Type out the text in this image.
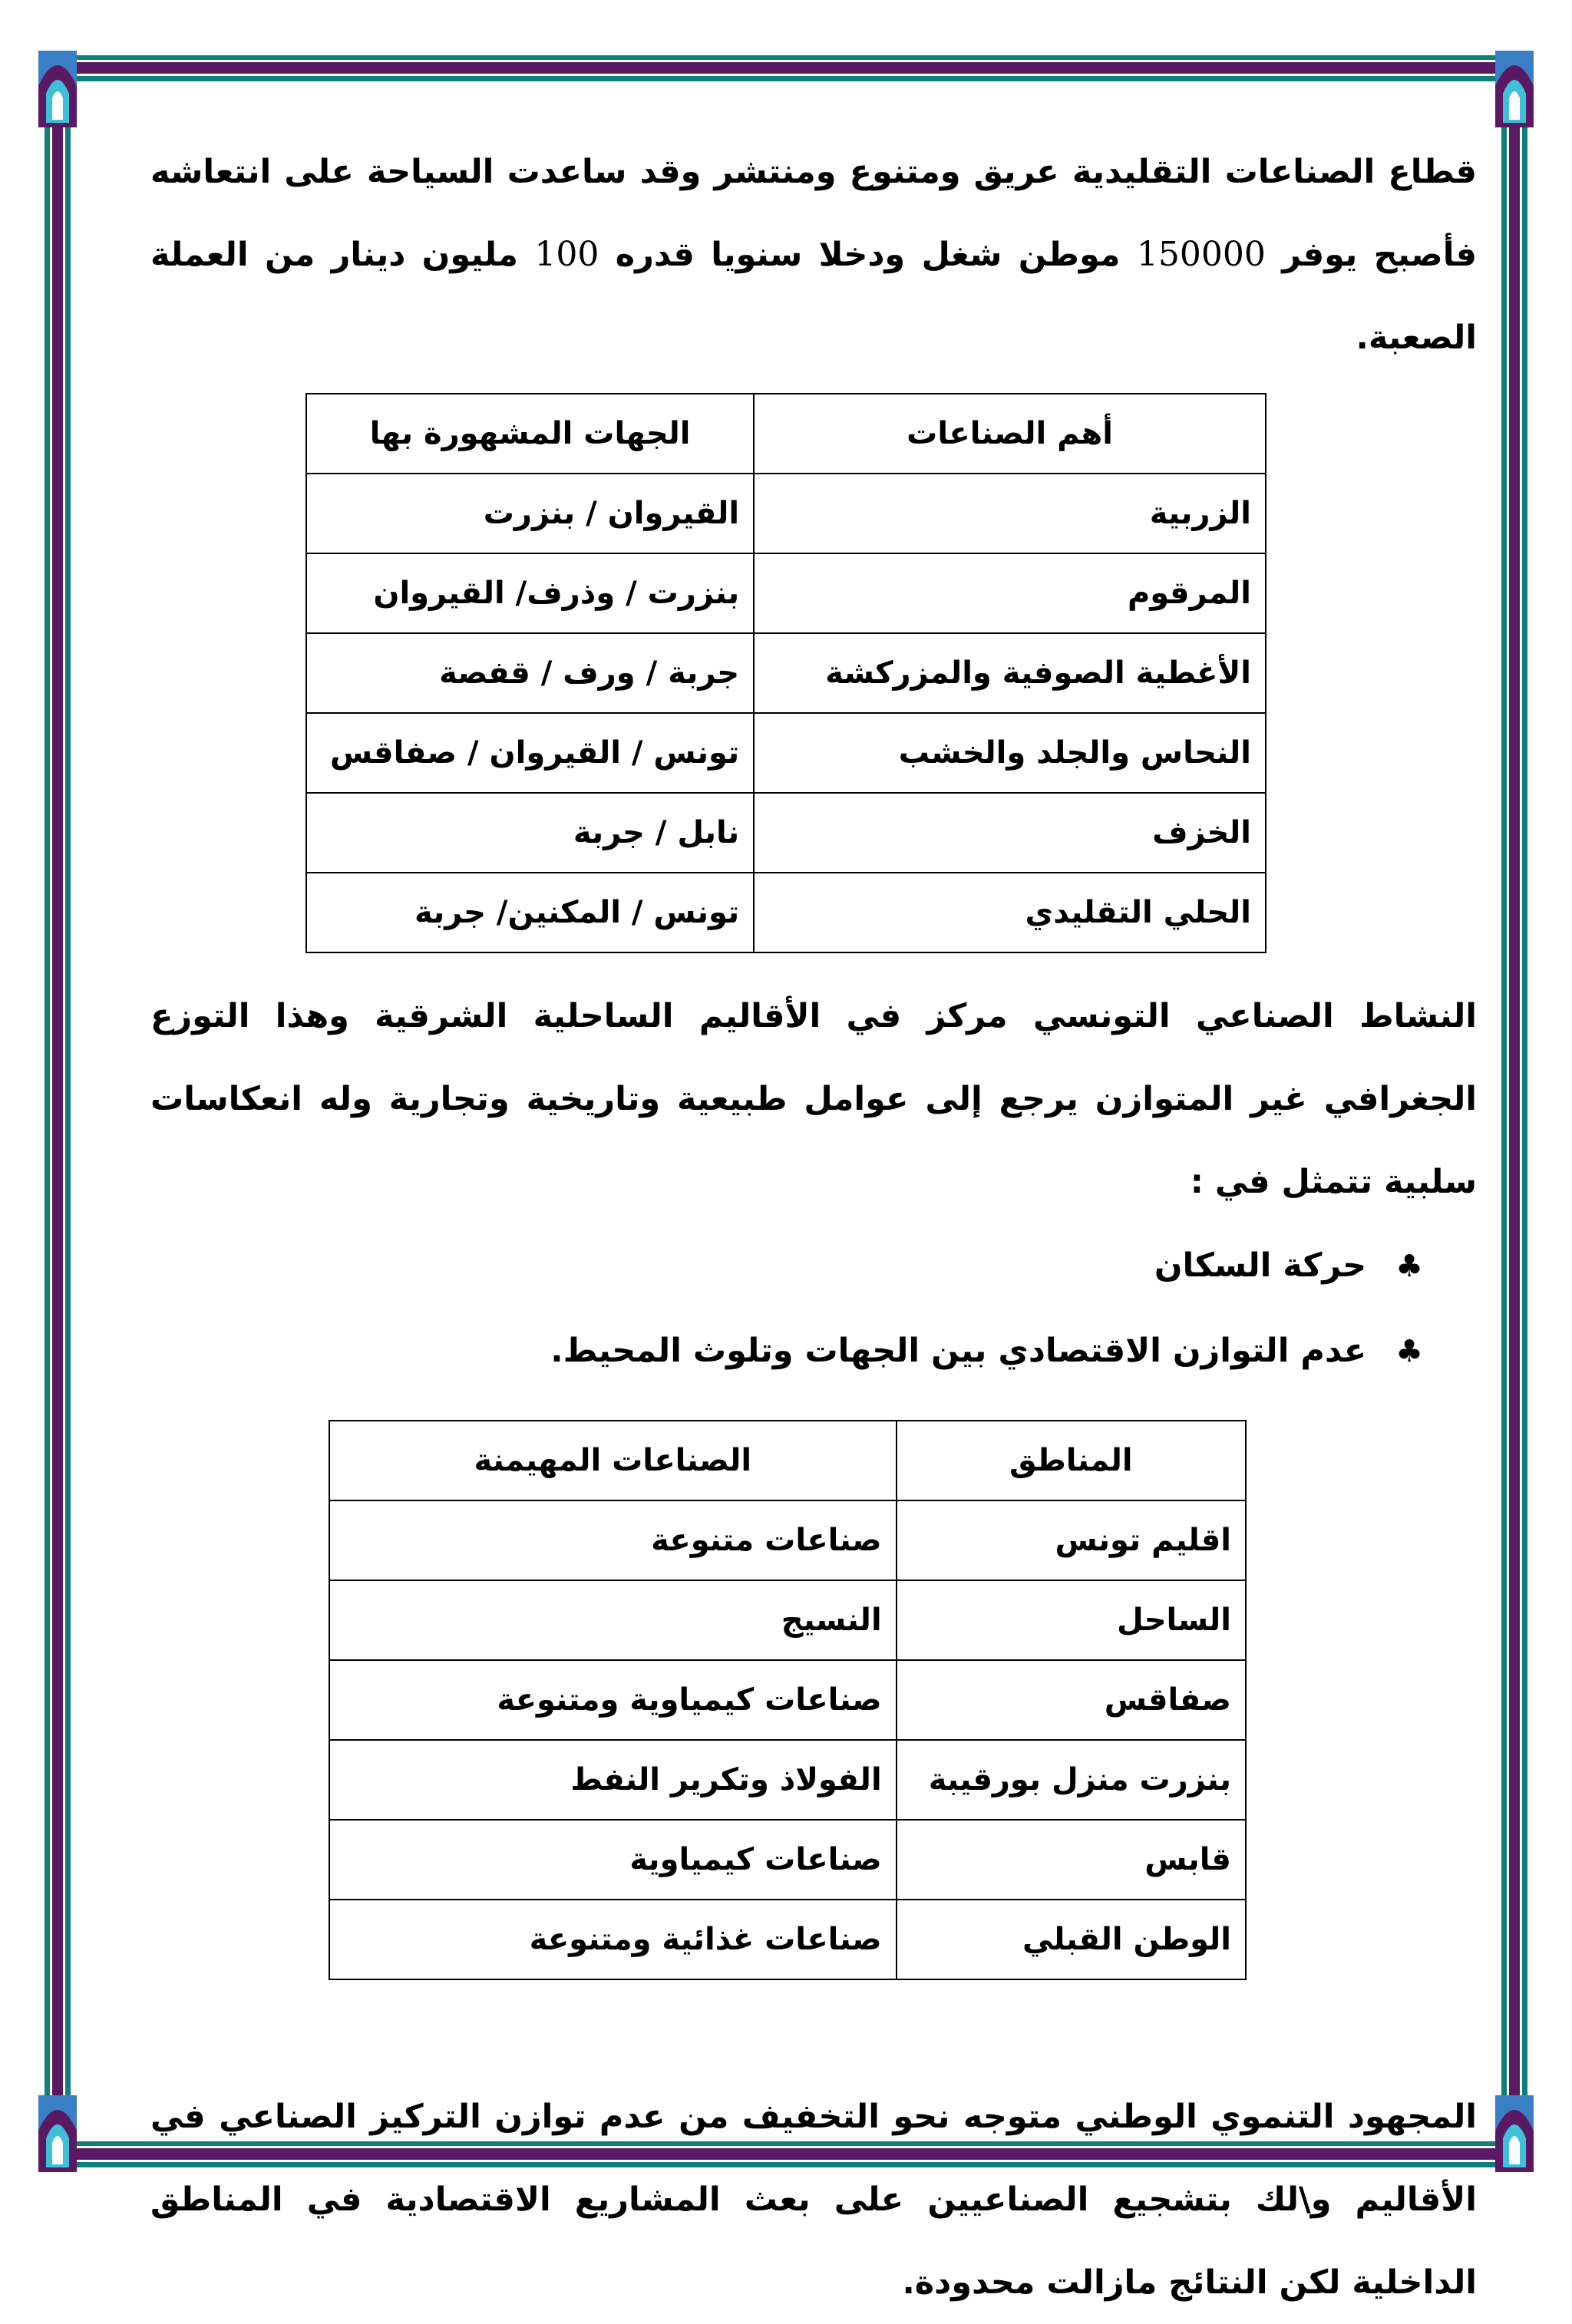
قطاع الصناعات التقليدية عريق ومتنوع ومنتشر وقد ساعدت السياحة على انتعاشه فأصبح يوفر 150000 موطن شغل ودخلا سنويا قدره 100 مليون دينار من العملة الصعبة.

أهم الصناعات	الجهات المشهورة بها
الزربية	القيروان / بنزرت
المرقوم	بنزرت / وذرف/ القيروان
الأغطية الصوفية والمزركشة	جربة / ورف / قفصة
النحاس والجلد والخشب	تونس / القيروان / صفاقس
الخزف	نابل / جربة
الحلي التقليدي	تونس / المكنين/ جربة

النشاط الصناعي التونسي مركز في الأقاليم الساحلية الشرقية وهذا التوزع الجغرافي غير المتوازن يرجع إلى عوامل طبيعية وتاريخية وتجارية وله انعكاسات سلبية تتمثل في :

♣حركة السكان
♣عدم التوازن الاقتصادي بين الجهات وتلوث المحيط.
المناطق	الصناعات المهيمنة
اقليم تونس	صناعات متنوعة
الساحل	النسيج
صفاقس	صناعات كيمياوية ومتنوعة
بنزرت منزل بورقيبة	الفولاذ وتكرير النفط
قابس	صناعات كيمياوية
الوطن القبلي	صناعات غذائية ومتنوعة

المجهود التنموي الوطني متوجه نحو التخفيف من عدم توازن التركيز الصناعي في الأقاليم و\لك بتشجيع الصناعيين على بعث المشاريع الاقتصادية في المناطق الداخلية لكن النتائج مازالت محدودة.
